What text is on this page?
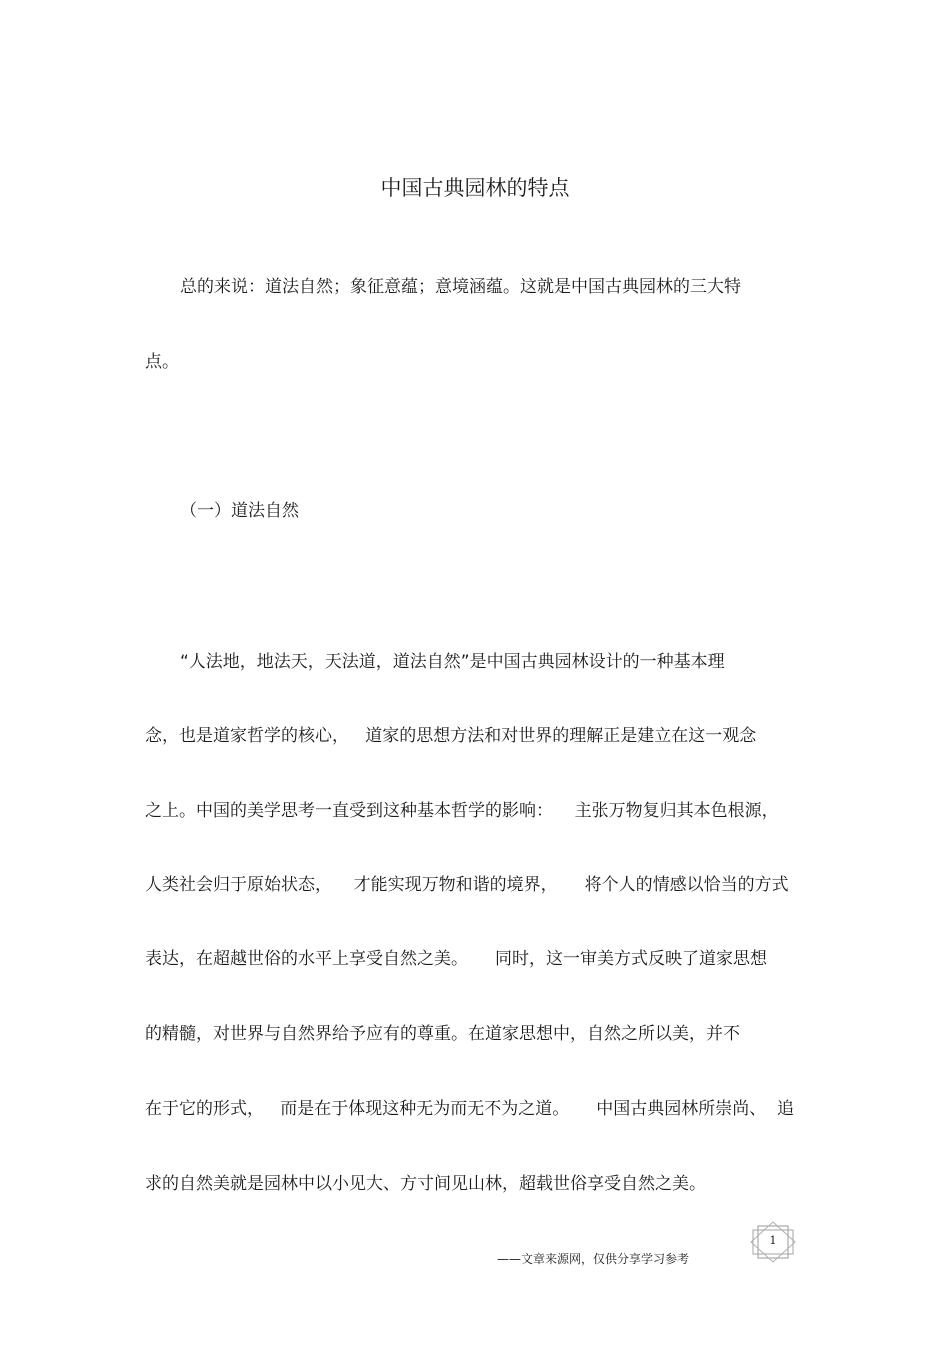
中国古典园林的特点
总的来说：道法自然；象征意蕴；意境涵蕴。这就是中国古典园林的三大特
点。
（一）道法自然
“人法地，地法天，天法道，道法自然”是中国古典园林设计的一种基本理
念，也是道家哲学的核心，   道家的思想方法和对世界的理解正是建立在这一观念
之上。中国的美学思考一直受到这种基本哲学的影响：    主张万物复归其本色根源，
人类社会归于原始状态，    才能实现万物和谐的境界，     将个人的情感以恰当的方式
表达，在超越世俗的水平上享受自然之美。     同时，这一审美方式反映了道家思想
的精髓，对世界与自然界给予应有的尊重。在道家思想中，自然之所以美，并不
在于它的形式，   而是在于体现这种无为而无不为之道。     中国古典园林所崇尚、  追
求的自然美就是园林中以小见大、方寸间见山林，超载世俗享受自然之美。
1
——文章来源网，仅供分享学习参考
